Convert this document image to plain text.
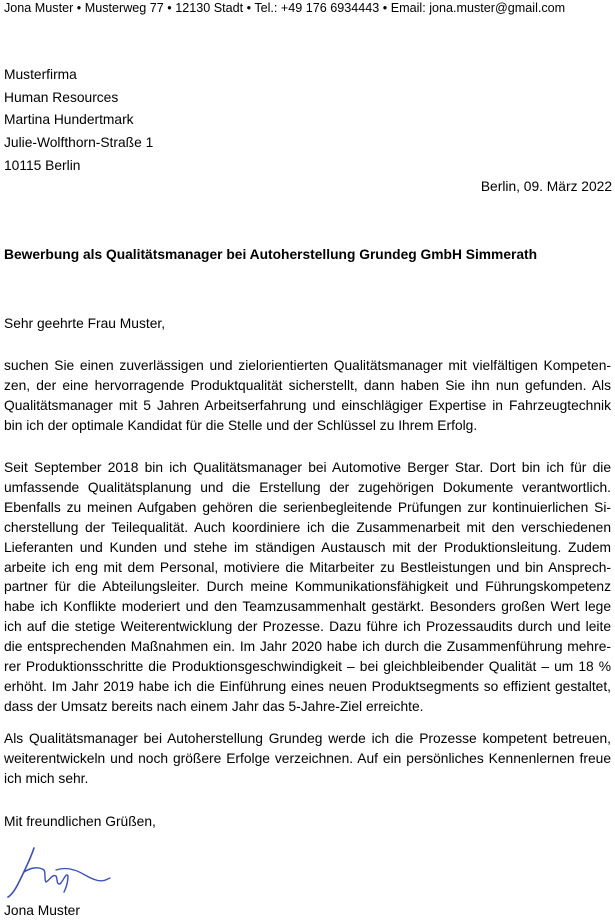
Jona Muster • Musterweg 77 • 12130 Stadt • Tel.: +49 176 6934443 • Email: jona.muster@gmail.com
Musterfirma
Human Resources
Martina Hundertmark
Julie-Wolfthorn-Straße 1
10115 Berlin
Berlin, 09. März 2022
Bewerbung als Qualitätsmanager bei Autoherstellung Grundeg GmbH Simmerath
Sehr geehrte Frau Muster,

suchen Sie einen zuverlässigen und zielorientierten Qualitätsmanager mit vielfältigen Kompetenzen, der eine hervorragende Produktqualität sicherstellt, dann haben Sie ihn nun gefunden. Als Qualitätsmanager mit 5 Jahren Arbeitserfahrung und einschlägiger Expertise in Fahrzeugtechnik bin ich der optimale Kandidat für die Stelle und der Schlüssel zu Ihrem Erfolg.

Seit September 2018 bin ich Qualitätsmanager bei Automotive Berger Star. Dort bin ich für die umfassende Qualitätsplanung und die Erstellung der zugehörigen Dokumente verantwortlich. Ebenfalls zu meinen Aufgaben gehören die serienbegleitende Prüfungen zur kontinuierlichen Sicherstellung der Teilequalität. Auch koordiniere ich die Zusammenarbeit mit den verschiedenen Lieferanten und Kunden und stehe im ständigen Austausch mit der Produktionsleitung. Zudem arbeite ich eng mit dem Personal, motiviere die Mitarbeiter zu Bestleistungen und bin Ansprechpartner für die Abteilungsleiter. Durch meine Kommunikationsfähigkeit und Führungskompetenz habe ich Konflikte moderiert und den Teamzusammenhalt gestärkt. Besonders großen Wert lege ich auf die stetige Weiterentwicklung der Prozesse. Dazu führe ich Prozessaudits durch und leite die entsprechenden Maßnahmen ein. Im Jahr 2020 habe ich durch die Zusammenführung mehrerer Produktionsschritte die Produktionsgeschwindigkeit – bei gleichbleibender Qualität – um 18 % erhöht. Im Jahr 2019 habe ich die Einführung eines neuen Produktsegments so effizient gestaltet, dass der Umsatz bereits nach einem Jahr das 5-Jahre-Ziel erreichte.

Als Qualitätsmanager bei Autoherstellung Grundeg werde ich die Prozesse kompetent betreuen, weiterentwickeln und noch größere Erfolge verzeichnen. Auf ein persönliches Kennenlernen freue ich mich sehr.

Mit freundlichen Grüßen,
Jona Muster
